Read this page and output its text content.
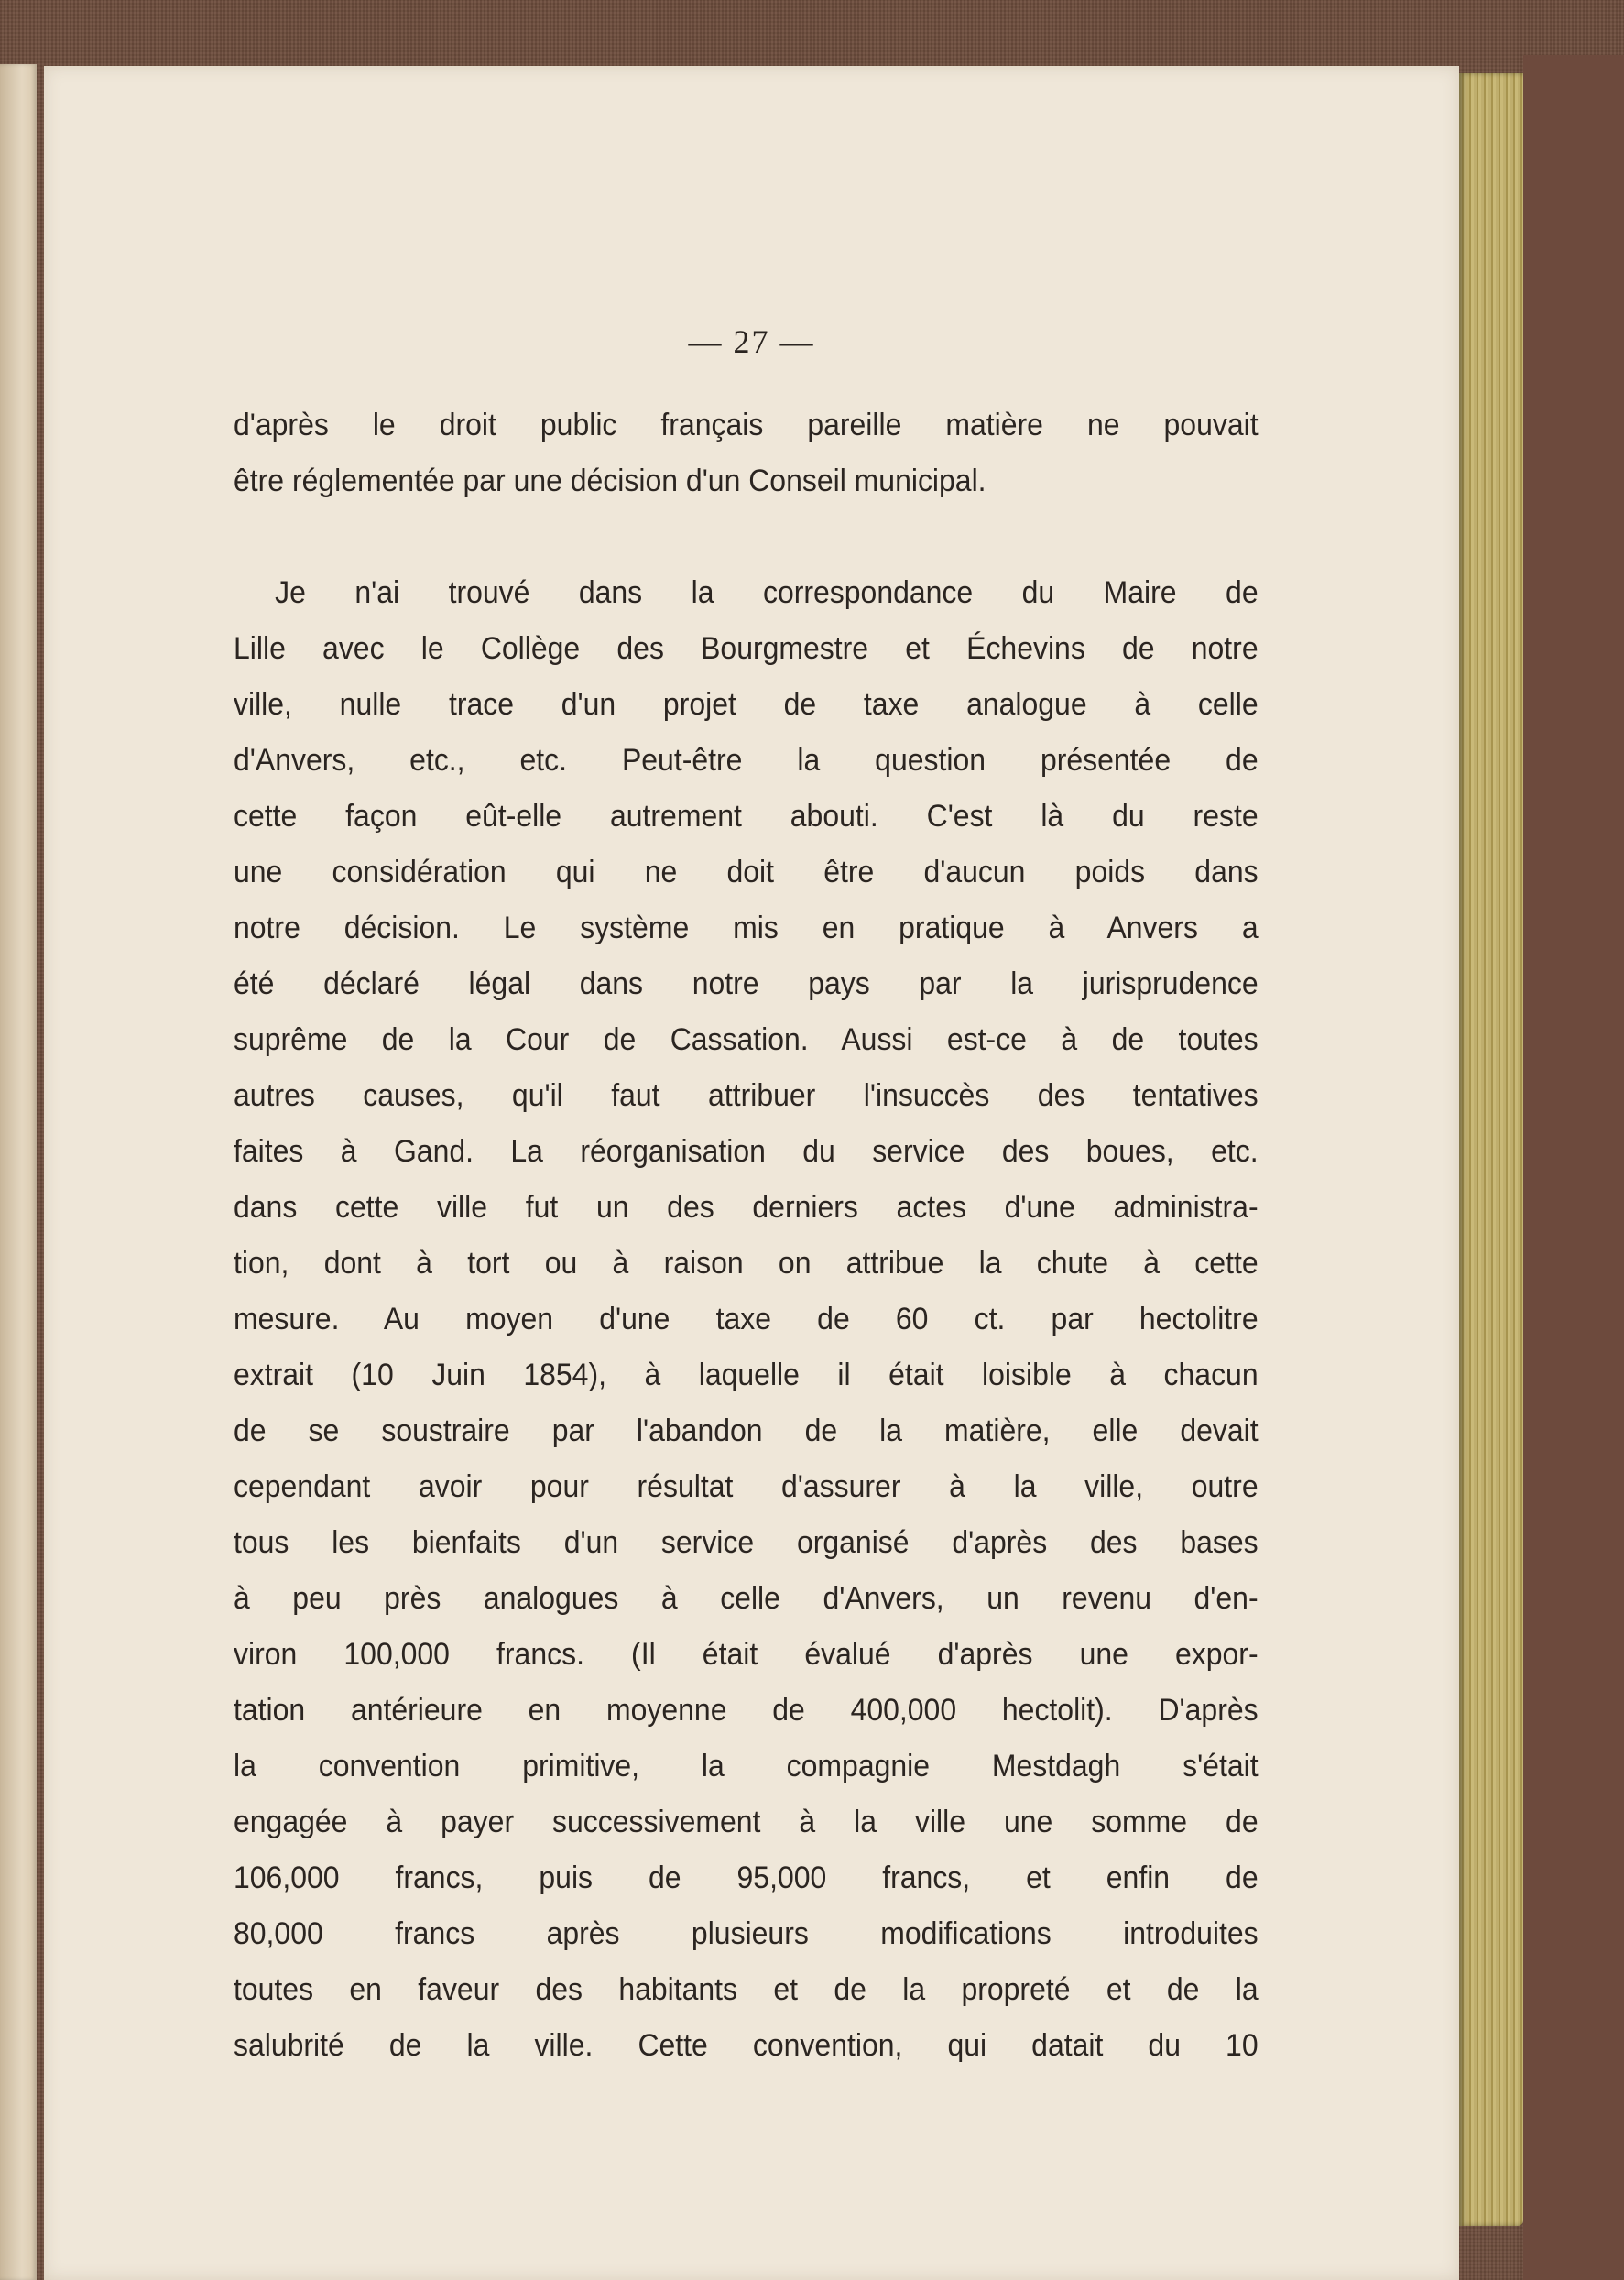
— 27 —
d'après le droit public français pareille matière ne pouvait
être réglementée par une décision d'un Conseil municipal.
Je n'ai trouvé dans la correspondance du Maire de
Lille avec le Collège des Bourgmestre et Échevins de notre
ville, nulle trace d'un projet de taxe analogue à celle
d'Anvers, etc., etc. Peut-être la question présentée de
cette façon eût-elle autrement abouti. C'est là du reste
une considération qui ne doit être d'aucun poids dans
notre décision. Le système mis en pratique à Anvers a
été déclaré légal dans notre pays par la jurisprudence
suprême de la Cour de Cassation. Aussi est-ce à de toutes
autres causes, qu'il faut attribuer l'insuccès des tentatives
faites à Gand. La réorganisation du service des boues, etc.
dans cette ville fut un des derniers actes d'une administra-
tion, dont à tort ou à raison on attribue la chute à cette
mesure. Au moyen d'une taxe de 60 ct. par hectolitre
extrait (10 Juin 1854), à laquelle il était loisible à chacun
de se soustraire par l'abandon de la matière, elle devait
cependant avoir pour résultat d'assurer à la ville, outre
tous les bienfaits d'un service organisé d'après des bases
à peu près analogues à celle d'Anvers, un revenu d'en-
viron 100,000 francs. (Il était évalué d'après une expor-
tation antérieure en moyenne de 400,000 hectolit). D'après
la convention primitive, la compagnie Mestdagh s'était
engagée à payer successivement à la ville une somme de
106,000 francs, puis de 95,000 francs, et enfin de
80,000 francs après plusieurs modifications introduites
toutes en faveur des habitants et de la propreté et de la
salubrité de la ville. Cette convention, qui datait du 10
